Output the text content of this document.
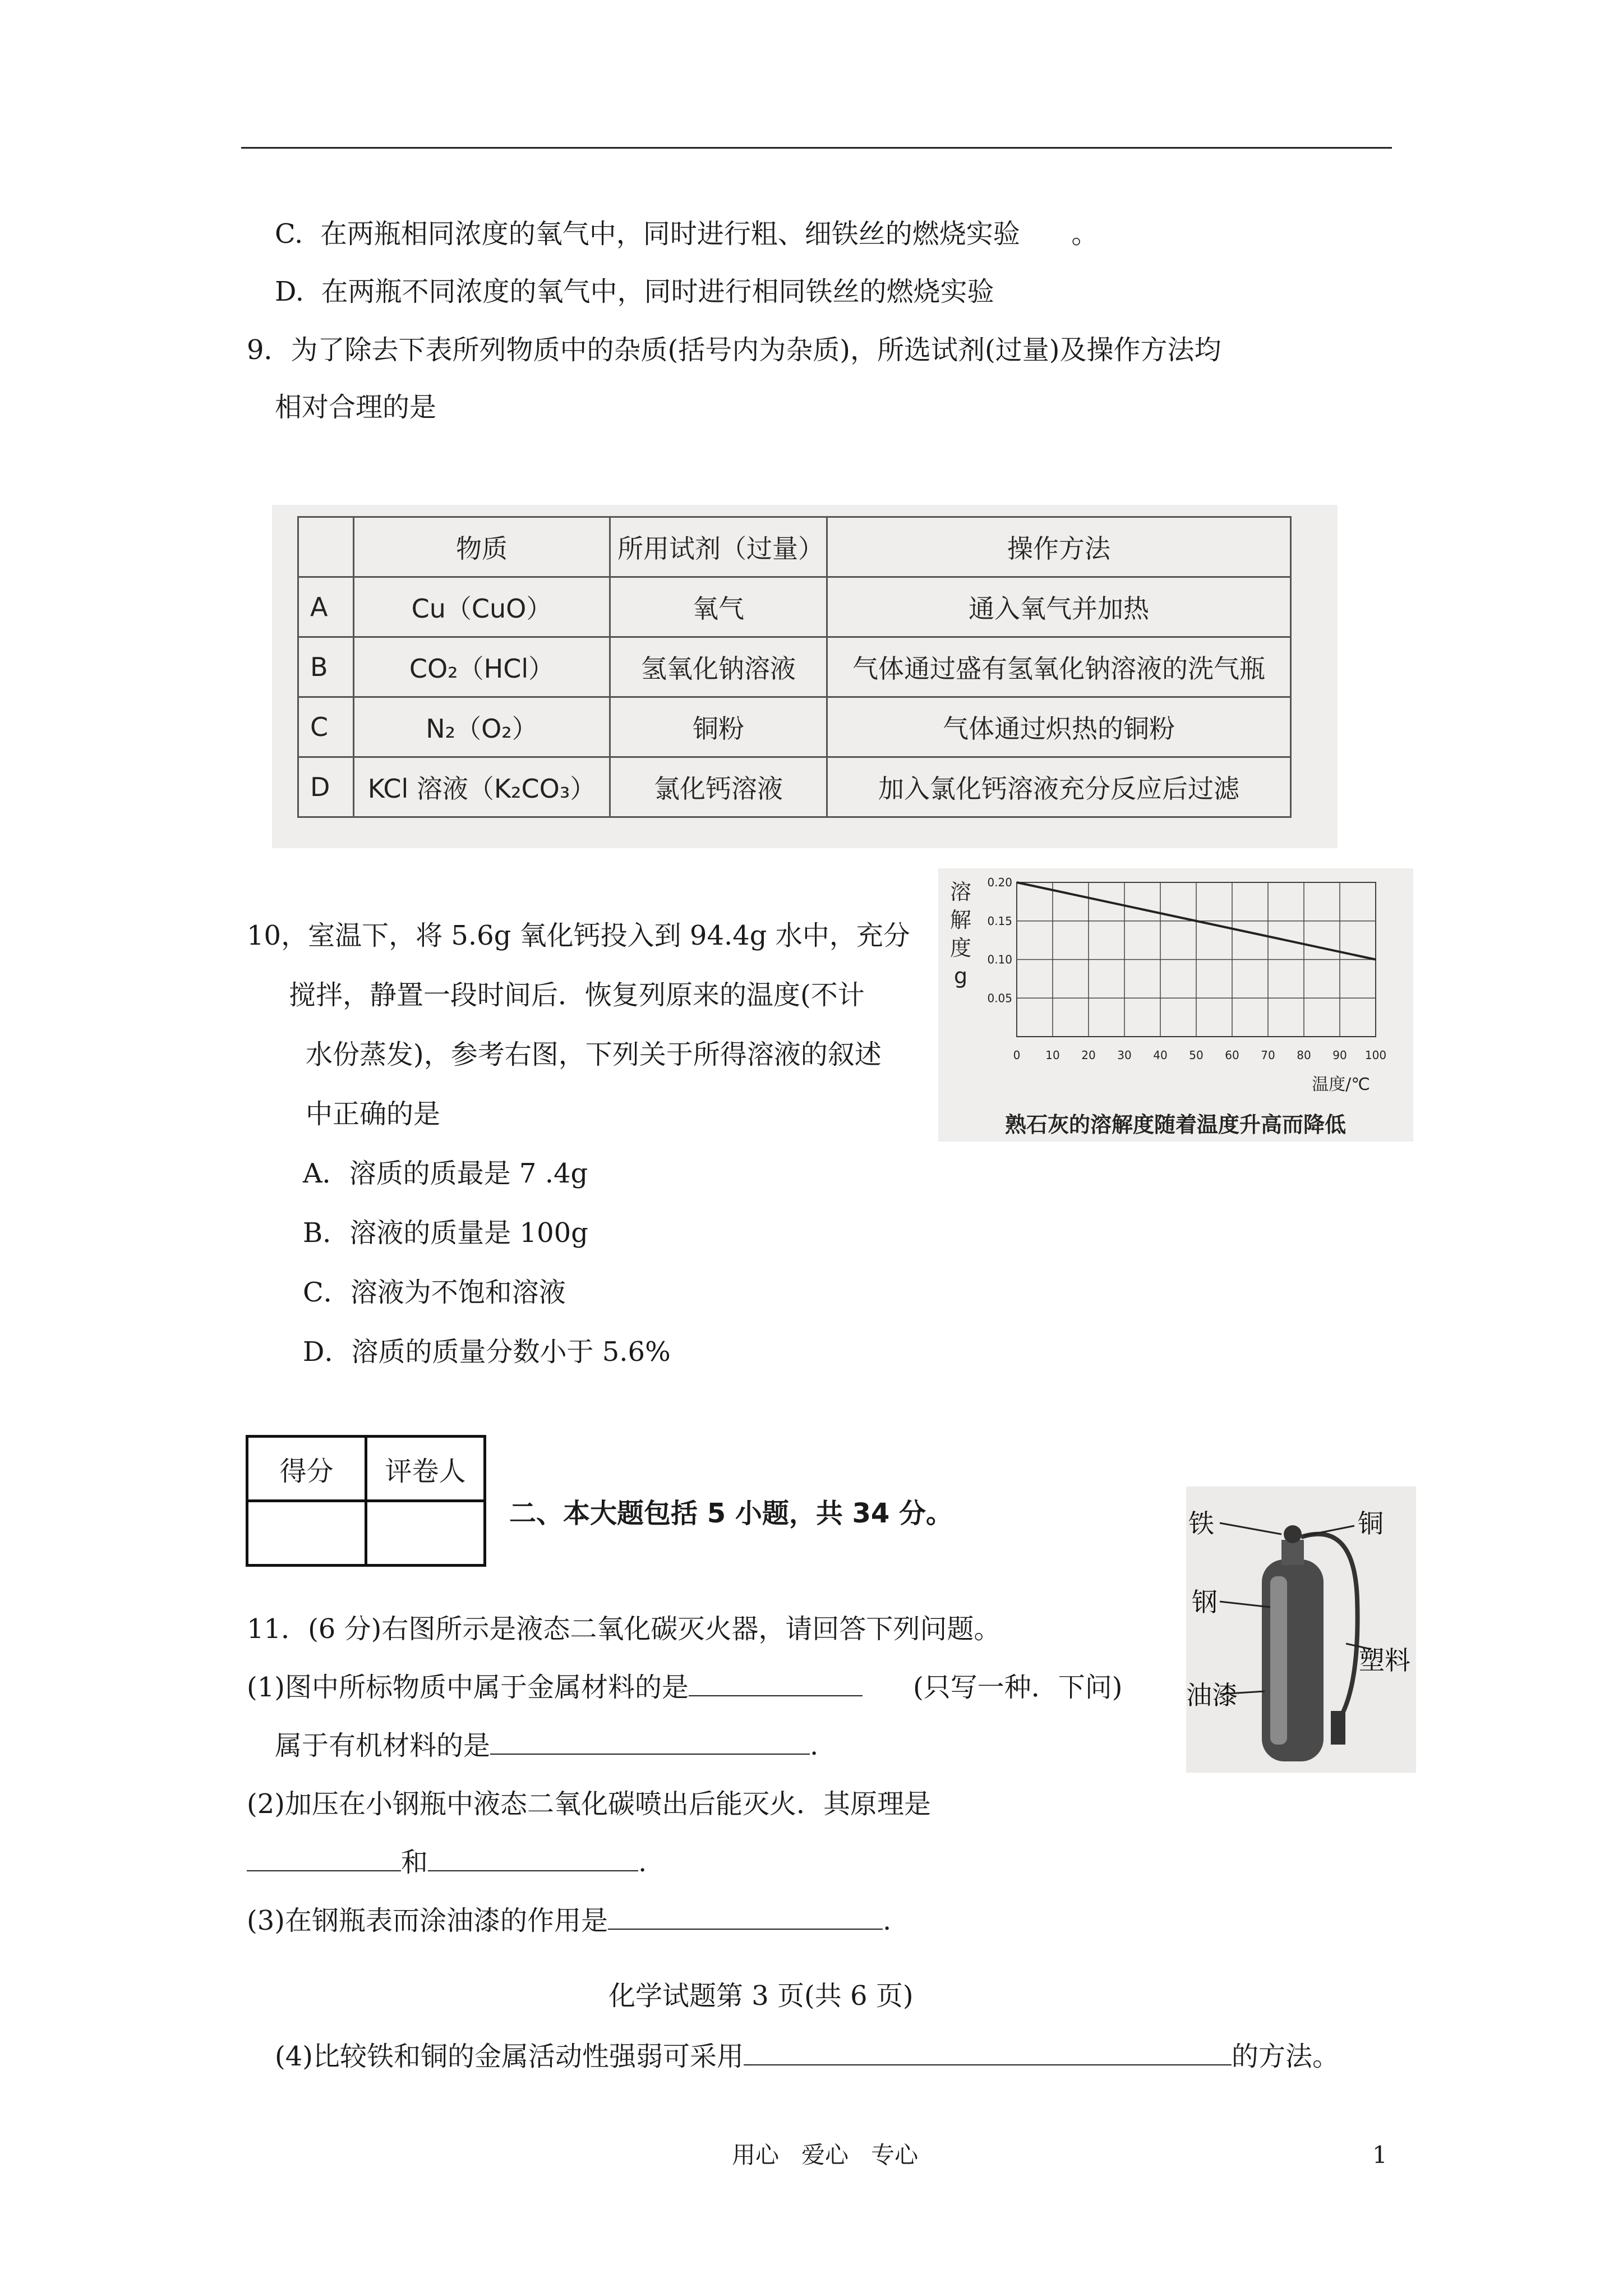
C.  在两瓶相同浓度的氧气中，同时进行粗、细铁丝的燃烧实验      。
D.  在两瓶不同浓度的氧气中，同时进行相同铁丝的燃烧实验
9．为了除去下表所列物质中的杂质(括号内为杂质)，所选试剂(过量)及操作方法均
相对合理的是
	物质	所用试剂（过量）	操作方法
A	Cu（CuO）	氧气	通入氧气并加热
B	CO₂（HCl）	氢氧化钠溶液	气体通过盛有氢氧化钠溶液的洗气瓶
C	N₂（O₂）	铜粉	气体通过炽热的铜粉
D	KCl 溶液（K₂CO₃）	氯化钙溶液	加入氯化钙溶液充分反应后过滤
10，室温下，将 5.6g 氧化钙投入到 94.4g 水中，充分
搅拌，静置一段时间后．恢复列原来的温度(不计
水份蒸发)，参考右图，下列关于所得溶液的叙述
中正确的是
A．溶质的质最是 7 .4g
B．溶液的质量是 100g
C．溶液为不饱和溶液
D．溶质的质量分数小于 5.6%
0 10 20 30 40 50 60 70 80 90 100
0.05
0.10
0.15
0.20
溶
解
度
g
温度/℃
熟石灰的溶解度随着温度升高而降低
得分	评卷人

二、本大题包括 5 小题，共 34 分。	铁	铜
钢
塑料
油漆
11．(6 分)右图所示是液态二氧化碳灭火器，请回答下列问题。
(1)图中所标物质中属于金属材料的是	(只写一种．下问)
属于有机材料的是	.
(2)加压在小钢瓶中液态二氧化碳喷出后能灭火．其原理是
和	.
(3)在钢瓶表而涂油漆的作用是	.
化学试题第 3 页(共 6 页)
(4)比较铁和铜的金属活动性强弱可采用	的方法。
用心   爱心   专心	1
